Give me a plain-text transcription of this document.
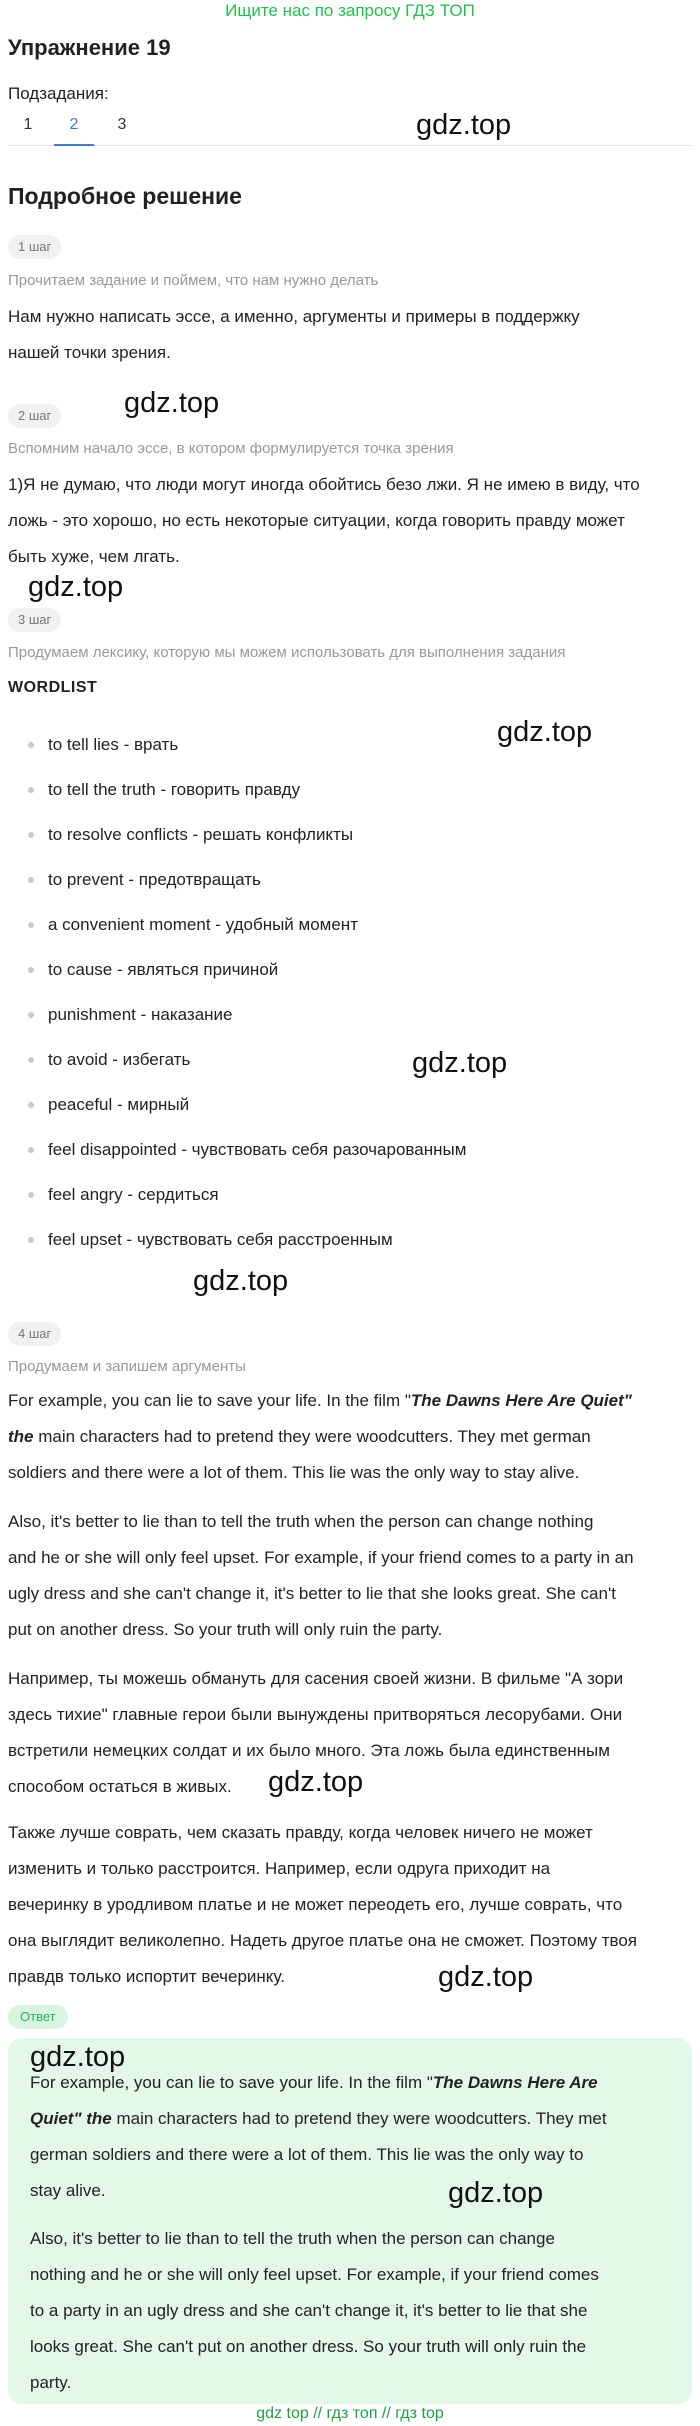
Ищите нас по запросу ГДЗ ТОП
Упражнение 19
Подзадания:
1	2	3	gdz.top
Подробное решение
1 шаг
Прочитаем задание и поймем, что нам нужно делать
Нам нужно написать эссе, а именно, аргументы и примеры в поддержку
нашей точки зрения.
2 шаг	gdz.top
Вспомним начало эссе, в котором формулируется точка зрения
1)Я не думаю, что люди могут иногда обойтись безо лжи. Я не имею в виду, что
ложь - это хорошо, но есть некоторые ситуации, когда говорить правду может
быть хуже, чем лгать.
gdz.top
3 шаг
Продумаем лексику, которую мы можем использовать для выполнения задания
WORDLIST
gdz.top
to tell lies - врать
to tell the truth - говорить правду
to resolve conflicts - решать конфликты
to prevent - предотвращать
a convenient moment - удобный момент
to cause - являться причиной
punishment - наказание
to avoid - избегать
peaceful - мирный
feel disappointed - чувствовать себя разочарованным
feel angry - сердиться
feel upset - чувствовать себя расстроенным
gdz.top
gdz.top
4 шаг
Продумаем и запишем аргументы
For example, you can lie to save your life. In the film "The Dawns Here Are Quiet"
the main characters had to pretend they were woodcutters. They met german
soldiers and there were a lot of them. This lie was the only way to stay alive.
Also, it's better to lie than to tell the truth when the person can change nothing
and he or she will only feel upset. For example, if your friend comes to a party in an
ugly dress and she can't change it, it's better to lie that she looks great. She can't
put on another dress. So your truth will only ruin the party.
Например, ты можешь обмануть для сасения своей жизни. В фильме "А зори
здесь тихие" главные герои были вынуждены притворяться лесорубами. Они
встретили немецких солдат и их было много. Эта ложь была единственным
способом остаться в живых.	gdz.top
Также лучше соврать, чем сказать правду, когда человек ничего не может
изменить и только расстроится. Например, если одруга приходит на
вечеринку в уродливом платье и не может переодеть его, лучше соврать, что
она выглядит великолепно. Надеть другое платье она не сможет. Поэтому твоя
правдв только испортит вечеринку.	gdz.top
Ответ
gdz.top
For example, you can lie to save your life. In the film "The Dawns Here Are
Quiet" the main characters had to pretend they were woodcutters. They met
german soldiers and there were a lot of them. This lie was the only way to
stay alive.	gdz.top
Also, it's better to lie than to tell the truth when the person can change
nothing and he or she will only feel upset. For example, if your friend comes
to a party in an ugly dress and she can't change it, it's better to lie that she
looks great. She can't put on another dress. So your truth will only ruin the
party.
gdz top // гдз топ // гдз top
